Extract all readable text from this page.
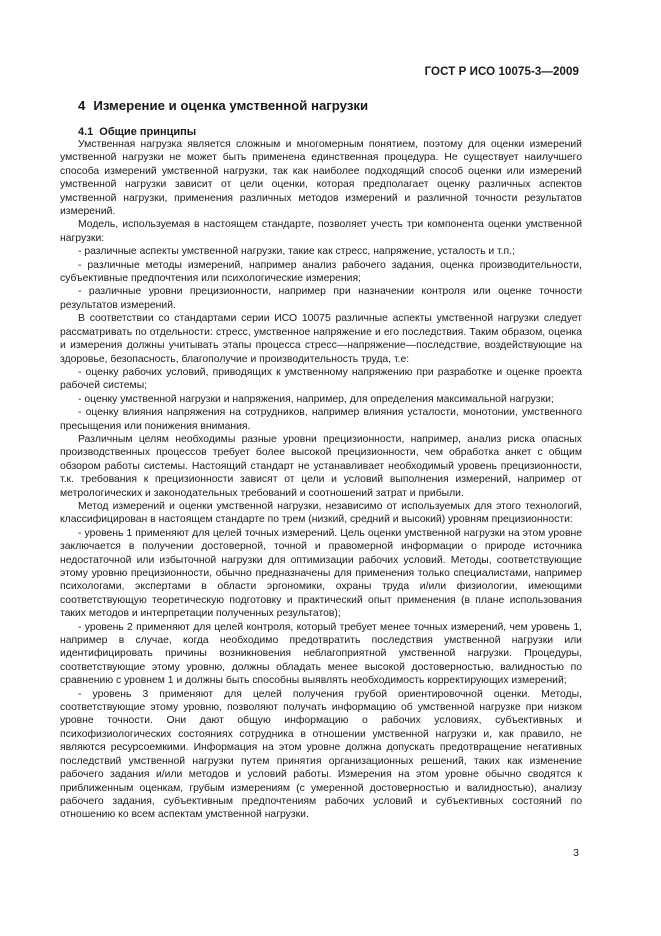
ГОСТ Р ИСО 10075-3—2009
4 Измерение и оценка умственной нагрузки
4.1 Общие принципы

Умственная нагрузка является сложным и многомерным понятием, поэтому для оценки измерений умственной нагрузки не может быть применена единственная процедура. Не существует наилучшего способа измерений умственной нагрузки, так как наиболее подходящий способ оценки или измерений умственной нагрузки зависит от цели оценки, которая предполагает оценку различных аспектов умственной нагрузки, применения различных методов измерений и различной точности результатов измерений.

Модель, используемая в настоящем стандарте, позволяет учесть три компонента оценки умственной нагрузки:

- различные аспекты умственной нагрузки, такие как стресс, напряжение, усталость и т.п.;

- различные методы измерений, например анализ рабочего задания, оценка производительности, субъективные предпочтения или психологические измерения;

- различные уровни прецизионности, например при назначении контроля или оценке точности результатов измерений.

В соответствии со стандартами серии ИСО 10075 различные аспекты умственной нагрузки следует рассматривать по отдельности: стресс, умственное напряжение и его последствия. Таким образом, оценка и измерения должны учитывать этапы процесса стресс—напряжение—последствие, воздействующие на здоровье, безопасность, благополучие и производительность труда, т.е:

- оценку рабочих условий, приводящих к умственному напряжению при разработке и оценке проекта рабочей системы;

- оценку умственной нагрузки и напряжения, например, для определения максимальной нагрузки;

- оценку влияния напряжения на сотрудников, например влияния усталости, монотонии, умственного пресыщения или понижения внимания.

Различным целям необходимы разные уровни прецизионности, например, анализ риска опасных производственных процессов требует более высокой прецизионности, чем обработка анкет с общим обзором работы системы. Настоящий стандарт не устанавливает необходимый уровень прецизионности, т.к. требования к прецизионности зависят от цели и условий выполнения измерений, например от метрологических и законодательных требований и соотношений затрат и прибыли.

Метод измерений и оценки умственной нагрузки, независимо от используемых для этого технологий, классифицирован в настоящем стандарте по трем (низкий, средний и высокий) уровням прецизионности:

- уровень 1 применяют для целей точных измерений. Цель оценки умственной нагрузки на этом уровне заключается в получении достоверной, точной и правомерной информации о природе источника недостаточной или избыточной нагрузки для оптимизации рабочих условий. Методы, соответствующие этому уровню прецизионности, обычно предназначены для применения только специалистами, например психологами, экспертами в области эргономики, охраны труда и/или физиологии, имеющими соответствующую теоретическую подготовку и практический опыт применения (в плане использования таких методов и интерпретации полученных результатов);

- уровень 2 применяют для целей контроля, который требует менее точных измерений, чем уровень 1, например в случае, когда необходимо предотвратить последствия умственной нагрузки или идентифицировать причины возникновения неблагоприятной умственной нагрузки. Процедуры, соответствующие этому уровню, должны обладать менее высокой достоверностью, валидностью по сравнению с уровнем 1 и должны быть способны выявлять необходимость корректирующих измерений;

- уровень 3 применяют для целей получения грубой ориентировочной оценки. Методы, соответствующие этому уровню, позволяют получать информацию об умственной нагрузке при низком уровне точности. Они дают общую информацию о рабочих условиях, субъективных и психофизиологических состояниях сотрудника в отношении умственной нагрузки и, как правило, не являются ресурсоемкими. Информация на этом уровне должна допускать предотвращение негативных последствий умственной нагрузки путем принятия организационных решений, таких как изменение рабочего задания и/или методов и условий работы. Измерения на этом уровне обычно сводятся к приближенным оценкам, грубым измерениям (с умеренной достоверностью и валидностью), анализу рабочего задания, субъективным предпочтениям рабочих условий и субъективных состояний по отношению ко всем аспектам умственной нагрузки.

3
